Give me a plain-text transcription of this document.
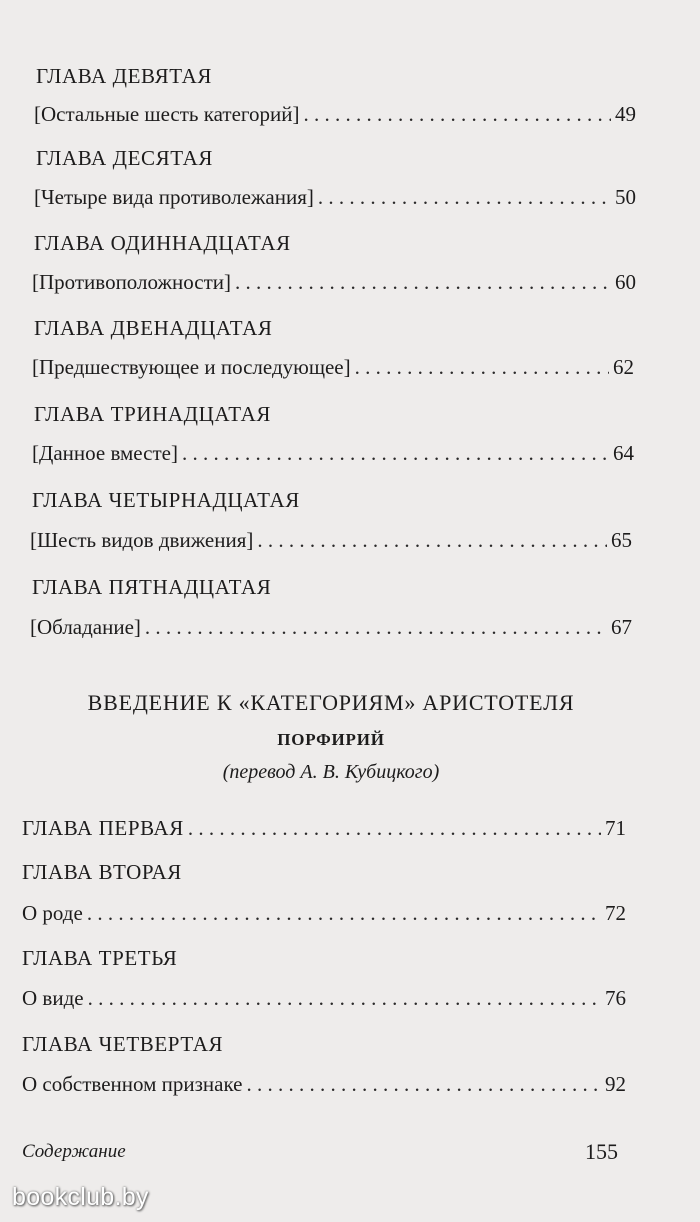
ГЛАВА ДЕВЯТАЯ
[Остальные шесть категорий] . . .	49
ГЛАВА ДЕСЯТАЯ
[Четыре вида противолежания] . . .	50
ГЛАВА ОДИННАДЦАТАЯ
[Противоположности] . . .	60
ГЛАВА ДВЕНАДЦАТАЯ
[Предшествующее и последующее] . . .	62
ГЛАВА ТРИНАДЦАТАЯ
[Данное вместе] . . .	64
ГЛАВА ЧЕТЫРНАДЦАТАЯ
[Шесть видов движения] . . .	65
ГЛАВА ПЯТНАДЦАТАЯ
[Обладание] . . .	67
ВВЕДЕНИЕ К «КАТЕГОРИЯМ» АРИСТОТЕЛЯ
ПОРФИРИЙ
(перевод А. В. Кубицкого)
ГЛАВА ПЕРВАЯ . . .	71
ГЛАВА ВТОРАЯ
О роде . . .	72
ГЛАВА ТРЕТЬЯ
О виде . . .	76
ГЛАВА ЧЕТВЕРТАЯ
О собственном признаке . . .	92
Содержание	155
bookclub.by
